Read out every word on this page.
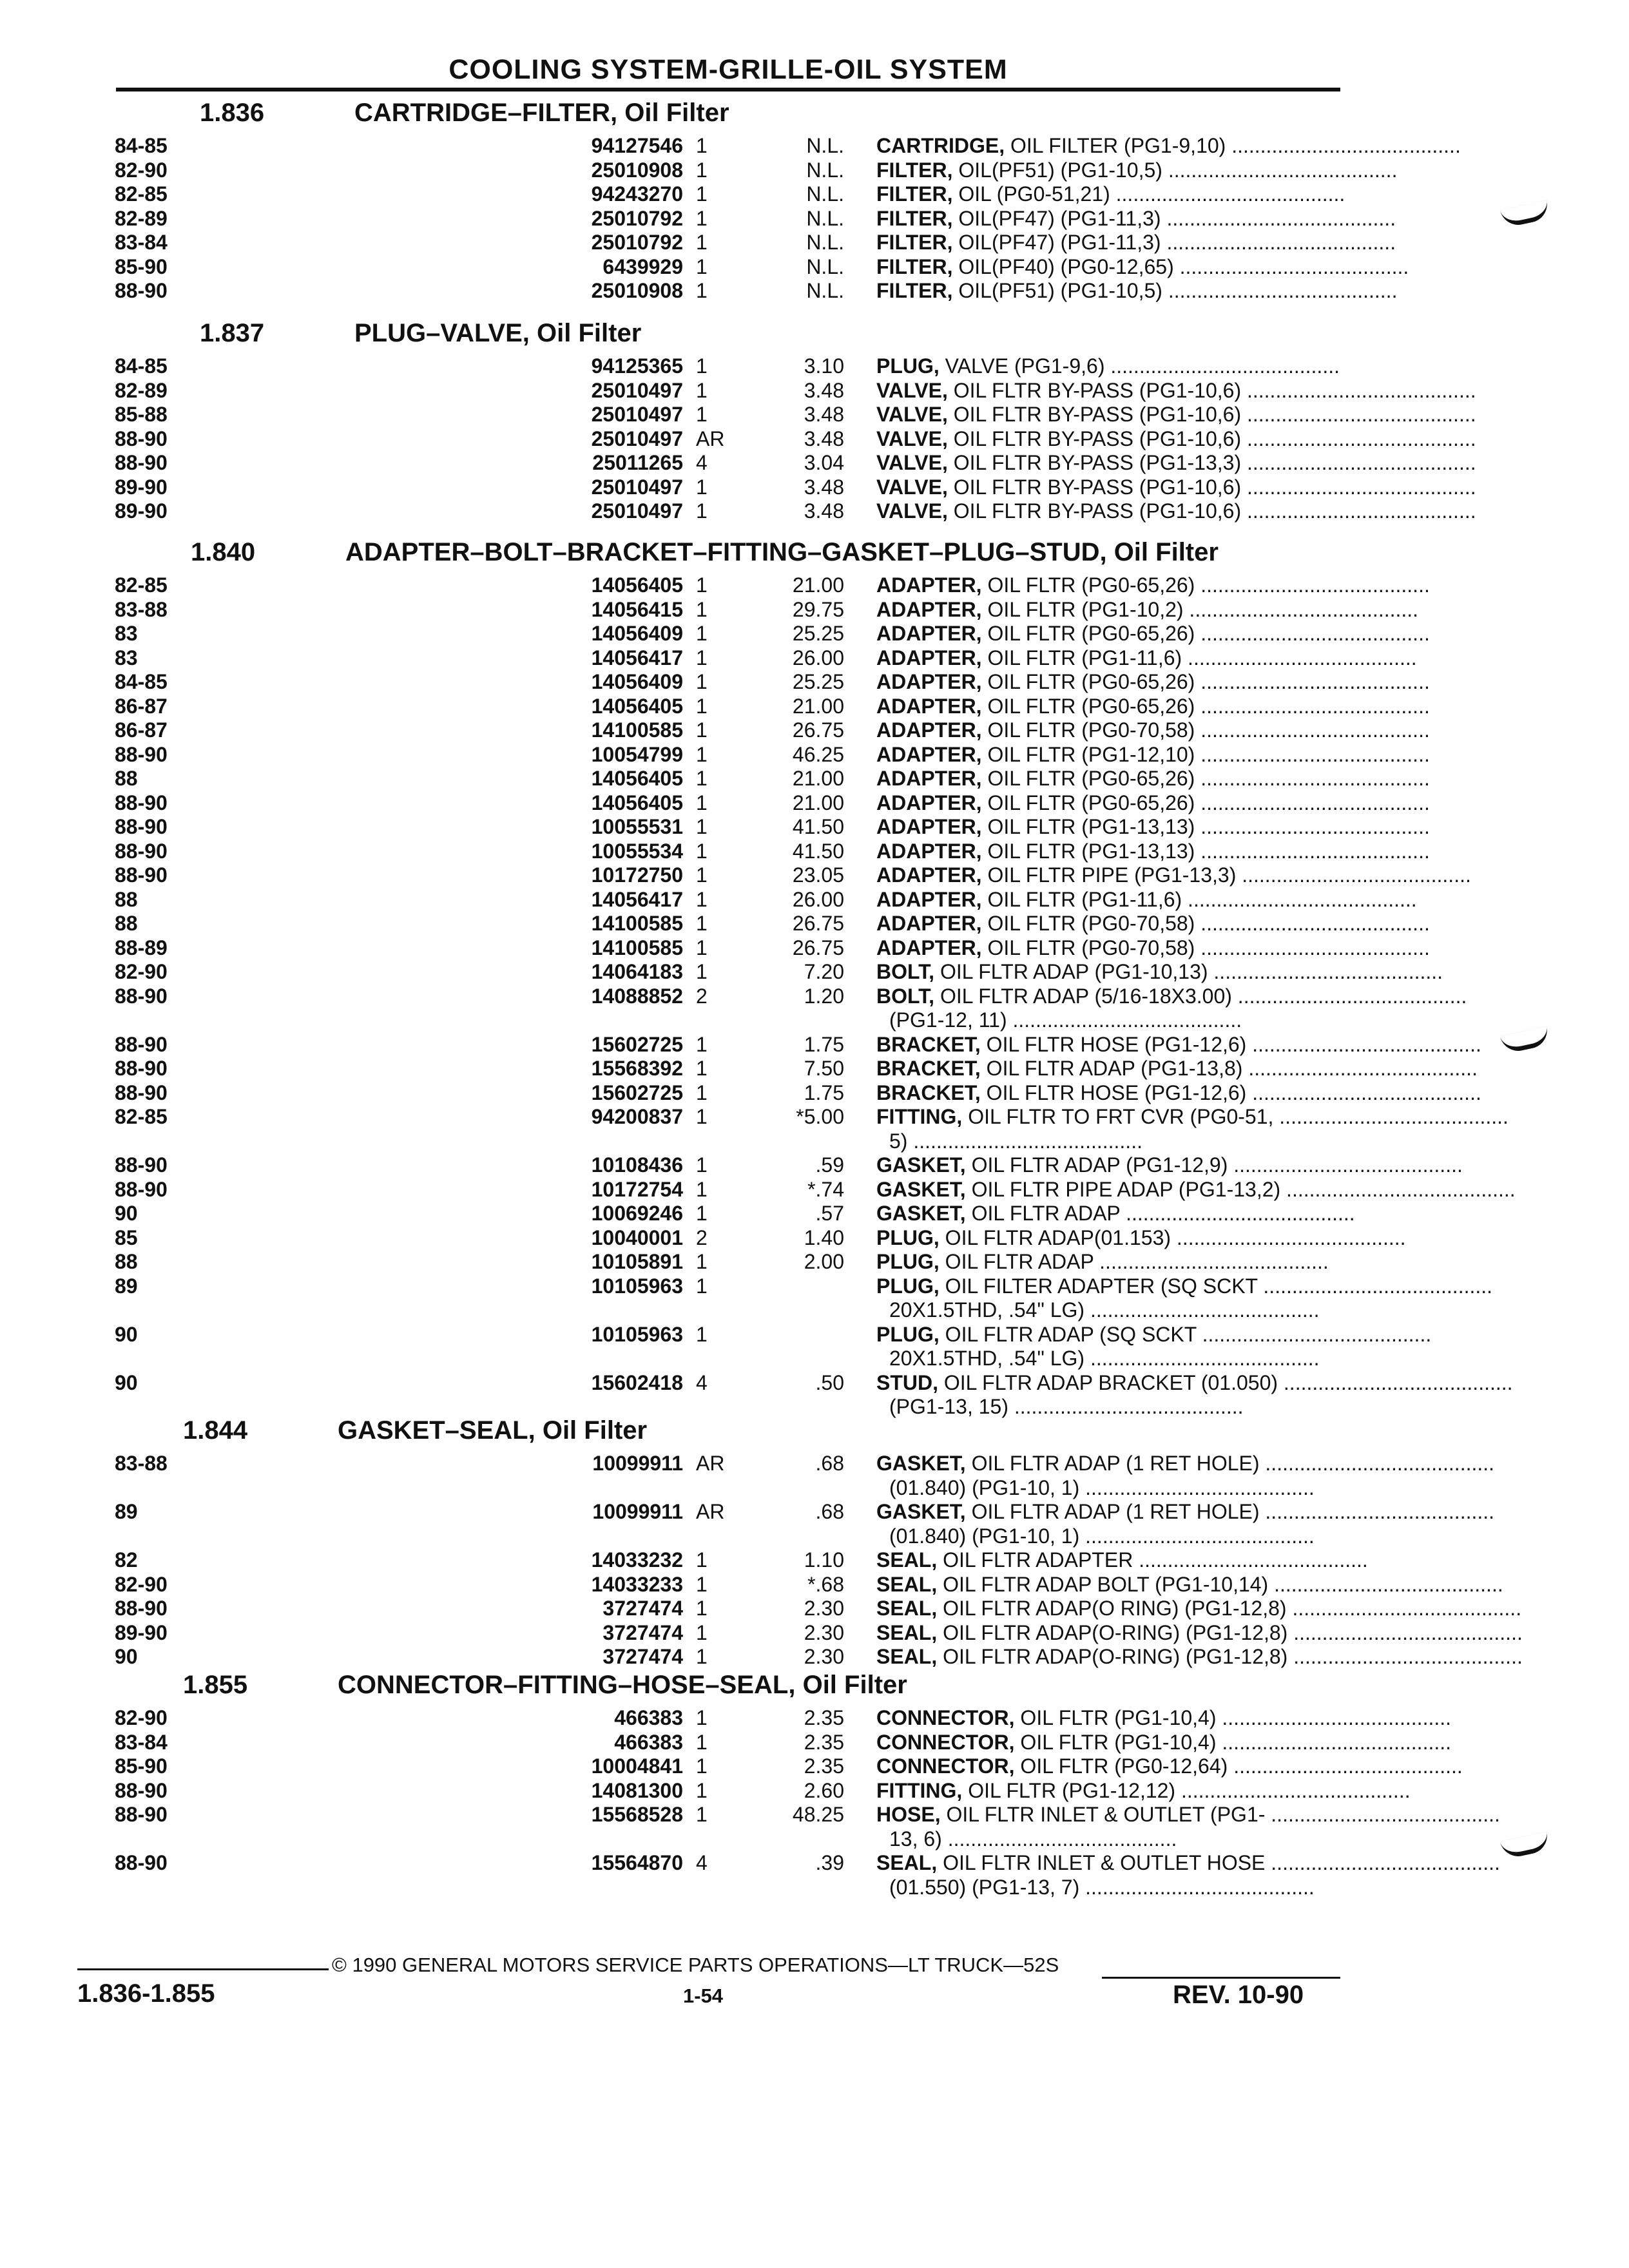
COOLING SYSTEM-GRILLE-OIL SYSTEM
1.836	CARTRIDGE–FILTER, Oil Filter
84-85	94127546 1	N.L. CARTRIDGE, OIL FILTER (PG1-9,10) ........................................
82-90	25010908 1	N.L. FILTER, OIL(PF51) (PG1-10,5) ........................................
82-85	94243270 1	N.L. FILTER, OIL (PG0-51,21) ........................................
82-89	25010792 1	N.L. FILTER, OIL(PF47) (PG1-11,3) ........................................
83-84	25010792 1	N.L. FILTER, OIL(PF47) (PG1-11,3) ........................................
85-90	6439929 1	N.L. FILTER, OIL(PF40) (PG0-12,65) ........................................
88-90	25010908 1	N.L. FILTER, OIL(PF51) (PG1-10,5) ........................................
1.837	PLUG–VALVE, Oil Filter
84-85	94125365 1	3.10 PLUG, VALVE (PG1-9,6) ........................................
82-89	25010497 1	3.48 VALVE, OIL FLTR BY-PASS (PG1-10,6) ........................................
85-88	25010497 1	3.48 VALVE, OIL FLTR BY-PASS (PG1-10,6) ........................................
88-90	25010497 AR	3.48 VALVE, OIL FLTR BY-PASS (PG1-10,6) ........................................
88-90	25011265 4	3.04 VALVE, OIL FLTR BY-PASS (PG1-13,3) ........................................
89-90	25010497 1	3.48 VALVE, OIL FLTR BY-PASS (PG1-10,6) ........................................
89-90	25010497 1	3.48 VALVE, OIL FLTR BY-PASS (PG1-10,6) ........................................
1.840	ADAPTER–BOLT–BRACKET–FITTING–GASKET–PLUG–STUD, Oil Filter
82-85	14056405 1	21.00 ADAPTER, OIL FLTR (PG0-65,26) ........................................
83-88	14056415 1	29.75 ADAPTER, OIL FLTR (PG1-10,2) ........................................
83	14056409 1	25.25 ADAPTER, OIL FLTR (PG0-65,26) ........................................
83	14056417 1	26.00 ADAPTER, OIL FLTR (PG1-11,6) ........................................
84-85	14056409 1	25.25 ADAPTER, OIL FLTR (PG0-65,26) ........................................
86-87	14056405 1	21.00 ADAPTER, OIL FLTR (PG0-65,26) ........................................
86-87	14100585 1	26.75 ADAPTER, OIL FLTR (PG0-70,58) ........................................
88-90	10054799 1	46.25 ADAPTER, OIL FLTR (PG1-12,10) ........................................
88	14056405 1	21.00 ADAPTER, OIL FLTR (PG0-65,26) ........................................
88-90	14056405 1	21.00 ADAPTER, OIL FLTR (PG0-65,26) ........................................
88-90	10055531 1	41.50 ADAPTER, OIL FLTR (PG1-13,13) ........................................
88-90	10055534 1	41.50 ADAPTER, OIL FLTR (PG1-13,13) ........................................
88-90	10172750 1	23.05 ADAPTER, OIL FLTR PIPE (PG1-13,3) ........................................
88	14056417 1	26.00 ADAPTER, OIL FLTR (PG1-11,6) ........................................
88	14100585 1	26.75 ADAPTER, OIL FLTR (PG0-70,58) ........................................
88-89	14100585 1	26.75 ADAPTER, OIL FLTR (PG0-70,58) ........................................
82-90	14064183 1	7.20 BOLT, OIL FLTR ADAP (PG1-10,13) ........................................
88-90	14088852 2	1.20 BOLT, OIL FLTR ADAP (5/16-18X3.00) ........................................
(PG1-12, 11) ........................................
88-90	15602725 1	1.75 BRACKET, OIL FLTR HOSE (PG1-12,6) ........................................
88-90	15568392 1	7.50 BRACKET, OIL FLTR ADAP (PG1-13,8) ........................................
88-90	15602725 1	1.75 BRACKET, OIL FLTR HOSE (PG1-12,6) ........................................
82-85	94200837 1	*5.00 FITTING, OIL FLTR TO FRT CVR (PG0-51, ........................................
5) ........................................
88-90	10108436 1	.59 GASKET, OIL FLTR ADAP (PG1-12,9) ........................................
88-90	10172754 1	*.74 GASKET, OIL FLTR PIPE ADAP (PG1-13,2) ........................................
90	10069246 1	.57 GASKET, OIL FLTR ADAP ........................................
85	10040001 2	1.40 PLUG, OIL FLTR ADAP(01.153) ........................................
88	10105891 1	2.00 PLUG, OIL FLTR ADAP ........................................
89	10105963 1	PLUG, OIL FILTER ADAPTER (SQ SCKT ........................................
20X1.5THD, .54" LG) ........................................
90	10105963 1	PLUG, OIL FLTR ADAP (SQ SCKT ........................................
20X1.5THD, .54" LG) ........................................
90	15602418 4	.50 STUD, OIL FLTR ADAP BRACKET (01.050) ........................................
(PG1-13, 15) ........................................
1.844	GASKET–SEAL, Oil Filter
83-88	10099911 AR	.68 GASKET, OIL FLTR ADAP (1 RET HOLE) ........................................
(01.840) (PG1-10, 1) ........................................
89	10099911 AR	.68 GASKET, OIL FLTR ADAP (1 RET HOLE) ........................................
(01.840) (PG1-10, 1) ........................................
82	14033232 1	1.10 SEAL, OIL FLTR ADAPTER ........................................
82-90	14033233 1	*.68 SEAL, OIL FLTR ADAP BOLT (PG1-10,14) ........................................
88-90	3727474 1	2.30 SEAL, OIL FLTR ADAP(O RING) (PG1-12,8) ........................................
89-90	3727474 1	2.30 SEAL, OIL FLTR ADAP(O-RING) (PG1-12,8) ........................................
90	3727474 1	2.30 SEAL, OIL FLTR ADAP(O-RING) (PG1-12,8) ........................................
1.855	CONNECTOR–FITTING–HOSE–SEAL, Oil Filter
82-90	466383 1	2.35 CONNECTOR, OIL FLTR (PG1-10,4) ........................................
83-84	466383 1	2.35 CONNECTOR, OIL FLTR (PG1-10,4) ........................................
85-90	10004841 1	2.35 CONNECTOR, OIL FLTR (PG0-12,64) ........................................
88-90	14081300 1	2.60 FITTING, OIL FLTR (PG1-12,12) ........................................
88-90	15568528 1	48.25 HOSE, OIL FLTR INLET & OUTLET (PG1- ........................................
13, 6) ........................................
88-90	15564870 4	.39 SEAL, OIL FLTR INLET & OUTLET HOSE ........................................
(01.550) (PG1-13, 7) ........................................
© 1990 GENERAL MOTORS SERVICE PARTS OPERATIONS—LT TRUCK—52S
1.836-1.855	1-54	REV. 10-90
